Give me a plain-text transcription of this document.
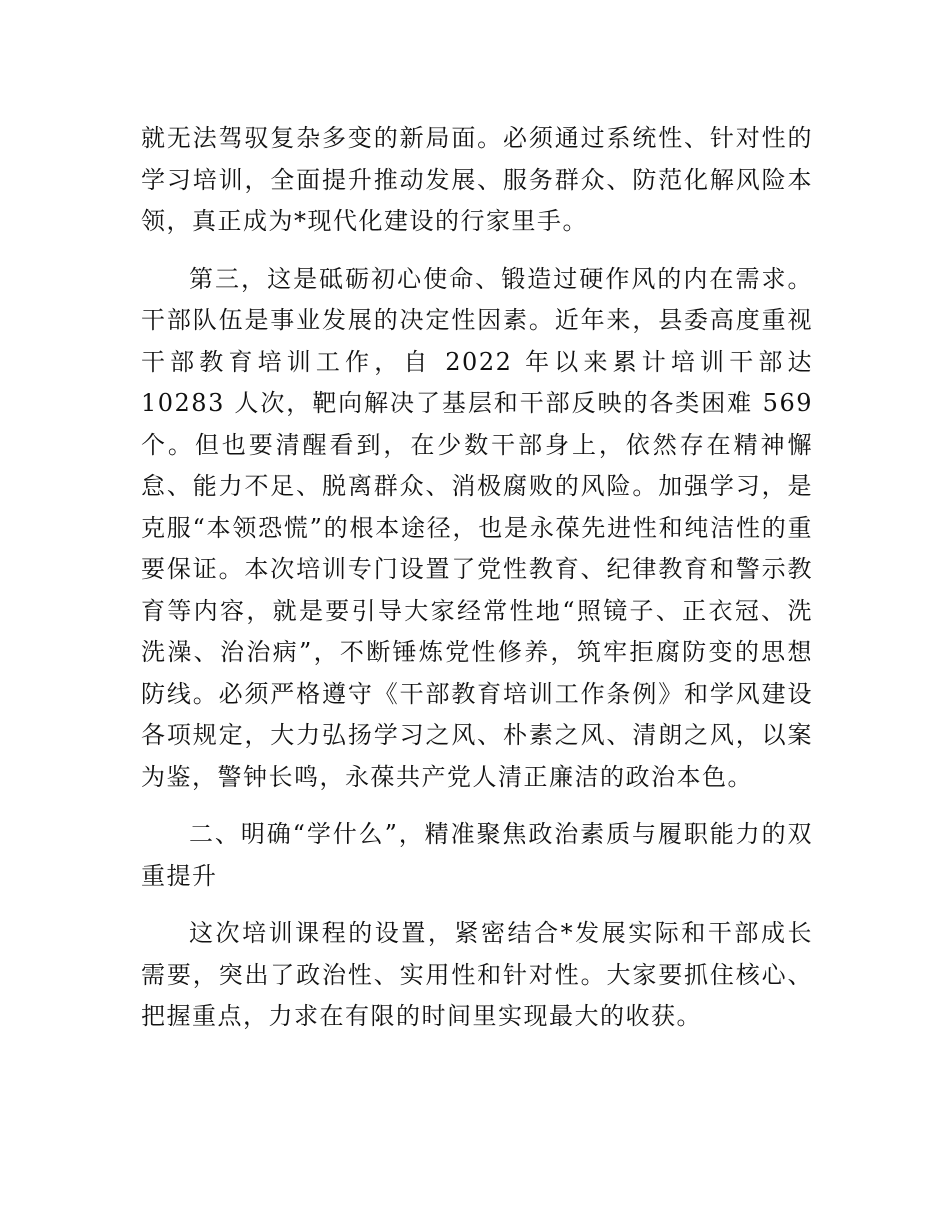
就无法驾驭复杂多变的新局面。必须通过系统性、针对性的学习培训，全面提升推动发展、服务群众、防范化解风险本领，真正成为*现代化建设的行家里手。

第三，这是砥砺初心使命、锻造过硬作风的内在需求。干部队伍是事业发展的决定性因素。近年来，县委高度重视干部教育培训工作，自 2022 年以来累计培训干部达 10283 人次，靶向解决了基层和干部反映的各类困难 569 个。但也要清醒看到，在少数干部身上，依然存在精神懈怠、能力不足、脱离群众、消极腐败的风险。加强学习，是克服“本领恐慌”的根本途径，也是永葆先进性和纯洁性的重要保证。本次培训专门设置了党性教育、纪律教育和警示教育等内容，就是要引导大家经常性地“照镜子、正衣冠、洗洗澡、治治病”，不断锤炼党性修养，筑牢拒腐防变的思想防线。必须严格遵守《干部教育培训工作条例》和学风建设各项规定，大力弘扬学习之风、朴素之风、清朗之风，以案为鉴，警钟长鸣，永葆共产党人清正廉洁的政治本色。

二、明确“学什么”，精准聚焦政治素质与履职能力的双重提升

这次培训课程的设置，紧密结合*发展实际和干部成长需要，突出了政治性、实用性和针对性。大家要抓住核心、把握重点，力求在有限的时间里实现最大的收获。
